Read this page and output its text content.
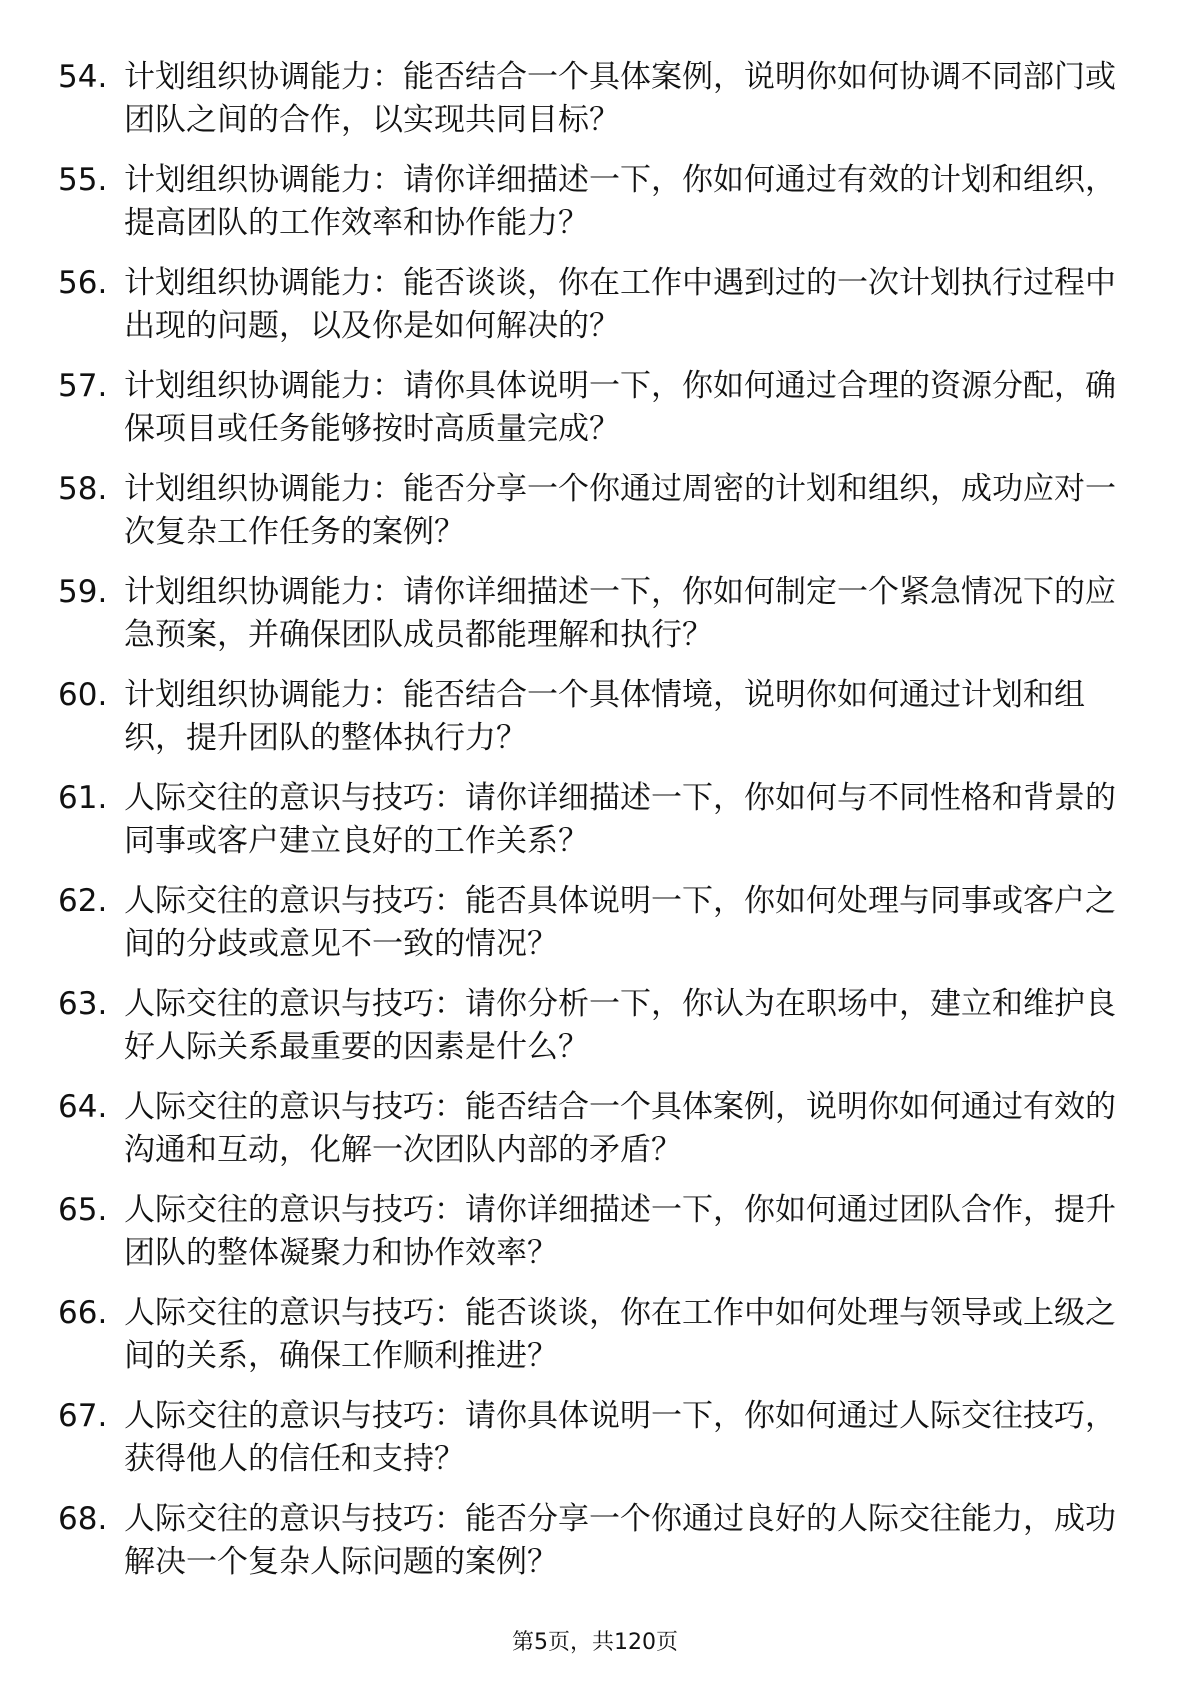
54. 计划组织协调能力：能否结合一个具体案例，说明你如何协调不同部门或团队之间的合作，以实现共同目标？
55. 计划组织协调能力：请你详细描述一下，你如何通过有效的计划和组织，提高团队的工作效率和协作能力？
56. 计划组织协调能力：能否谈谈，你在工作中遇到过的一次计划执行过程中出现的问题，以及你是如何解决的？
57. 计划组织协调能力：请你具体说明一下，你如何通过合理的资源分配，确保项目或任务能够按时高质量完成？
58. 计划组织协调能力：能否分享一个你通过周密的计划和组织，成功应对一次复杂工作任务的案例？
59. 计划组织协调能力：请你详细描述一下，你如何制定一个紧急情况下的应急预案，并确保团队成员都能理解和执行？
60. 计划组织协调能力：能否结合一个具体情境，说明你如何通过计划和组织，提升团队的整体执行力？
61. 人际交往的意识与技巧：请你详细描述一下，你如何与不同性格和背景的同事或客户建立良好的工作关系？
62. 人际交往的意识与技巧：能否具体说明一下，你如何处理与同事或客户之间的分歧或意见不一致的情况？
63. 人际交往的意识与技巧：请你分析一下，你认为在职场中，建立和维护良好人际关系最重要的因素是什么？
64. 人际交往的意识与技巧：能否结合一个具体案例，说明你如何通过有效的沟通和互动，化解一次团队内部的矛盾？
65. 人际交往的意识与技巧：请你详细描述一下，你如何通过团队合作，提升团队的整体凝聚力和协作效率？
66. 人际交往的意识与技巧：能否谈谈，你在工作中如何处理与领导或上级之间的关系，确保工作顺利推进？
67. 人际交往的意识与技巧：请你具体说明一下，你如何通过人际交往技巧，获得他人的信任和支持？
68. 人际交往的意识与技巧：能否分享一个你通过良好的人际交往能力，成功解决一个复杂人际问题的案例？
第5页，共120页
